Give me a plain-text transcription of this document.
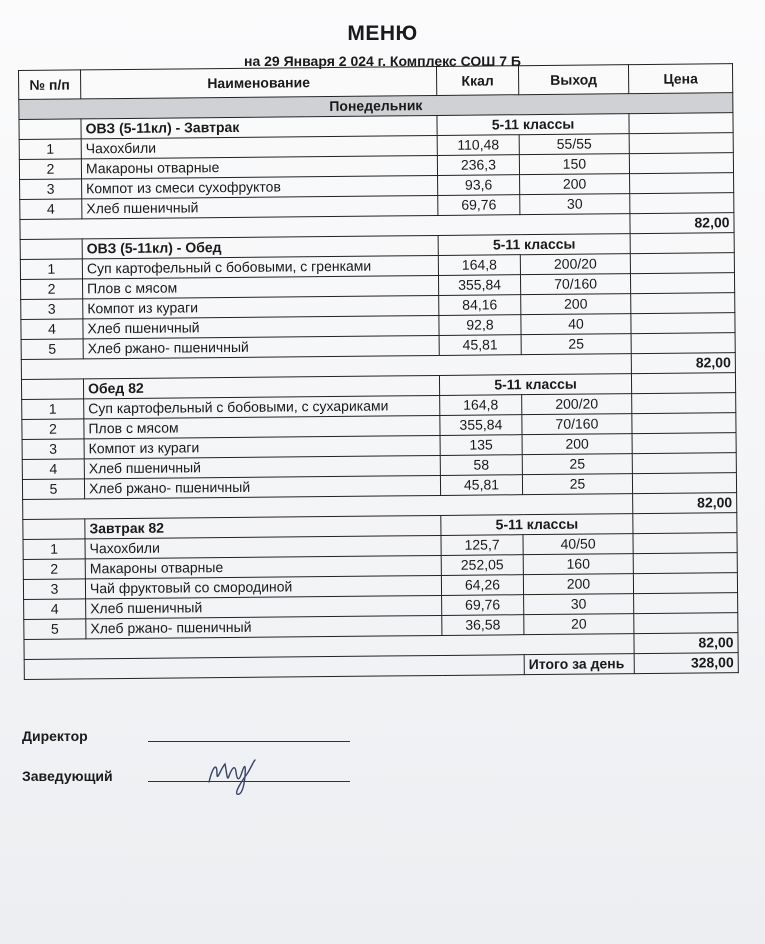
МЕНЮ
на 29 Января 2 024 г. Комплекс СОШ 7 Б
№ п/п	Наименование	Ккал	Выход	Цена
Понедельник				
	ОВЗ (5-11кл) - Завтрак	5-11 классы		
1	Чахохбили	110,48	55/55	
2	Макароны отварные	236,3	150	
3	Компот из смеси сухофруктов	93,6	200	
4	Хлеб пшеничный	69,76	30	
				82,00
	ОВЗ (5-11кл) - Обед	5-11 классы		
1	Суп картофельный с бобовыми, с гренками	164,8	200/20	
2	Плов с мясом	355,84	70/160	
3	Компот из кураги	84,16	200	
4	Хлеб пшеничный	92,8	40	
5	Хлеб ржано- пшеничный	45,81	25	
				82,00
	Обед 82	5-11 классы		
1	Суп картофельный с бобовыми, с сухариками	164,8	200/20	
2	Плов с мясом	355,84	70/160	
3	Компот из кураги	135	200	
4	Хлеб пшеничный	58	25	
5	Хлеб ржано- пшеничный	45,81	25	
				82,00
	Завтрак 82	5-11 классы		
1	Чахохбили	125,7	40/50	
2	Макароны отварные	252,05	160	
3	Чай фруктовый со смородиной	64,26	200	
4	Хлеб пшеничный	69,76	30	
5	Хлеб ржано- пшеничный	36,58	20	
				82,00
			Итого за день	328,00
Директор
Заведующий
